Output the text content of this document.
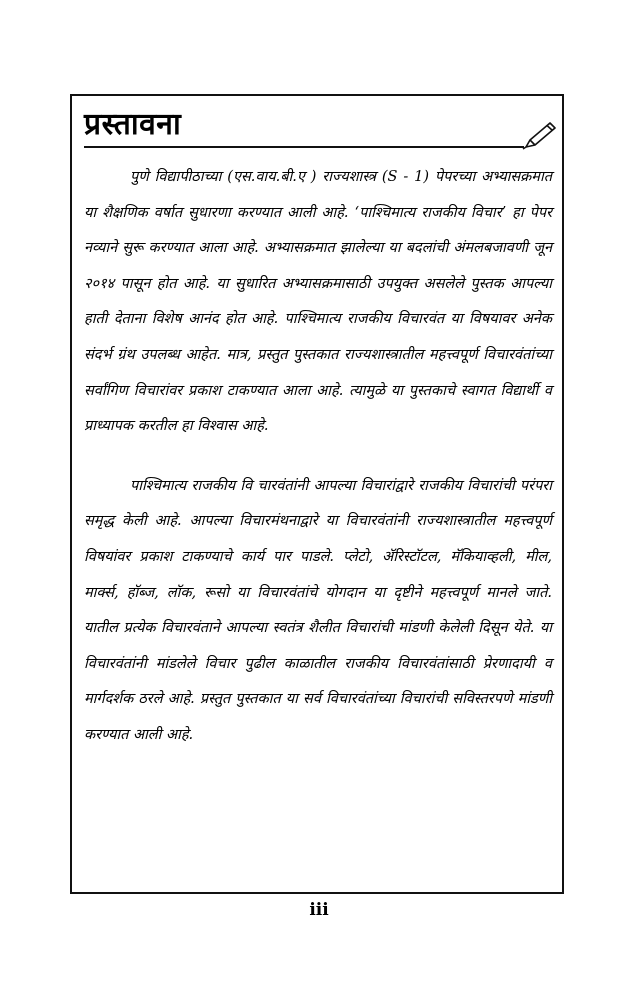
प्रस्तावना

पुणे विद्यापीठाच्या (एस.वाय.बी.ए ) राज्यशास्त्र (S - 1) पेपरच्या अभ्यासक्रमात या शैक्षणिक वर्षात सुधारणा करण्यात आली आहे. ‘पाश्चिमात्य राजकीय विचार’ हा पेपर नव्याने सुरू करण्यात आला आहे. अभ्यासक्रमात झालेल्या या बदलांची अंमलबजावणी जून २०१४ पासून होत आहे. या सुधारित अभ्यासक्रमासाठी उपयुक्त असलेले पुस्तक आपल्या हाती देताना विशेष आनंद होत आहे. पाश्चिमात्य राजकीय विचारवंत या विषयावर अनेक संदर्भ ग्रंथ उपलब्ध आहेत. मात्र, प्रस्तुत पुस्तकात राज्यशास्त्रातील महत्त्वपूर्ण विचारवंतांच्या सर्वांगिण विचारांवर प्रकाश टाकण्यात आला आहे. त्यामुळे या पुस्तकाचे स्वागत विद्यार्थी व प्राध्यापक करतील हा विश्वास आहे.

पाश्चिमात्य राजकीय वि चारवंतांनी आपल्या विचारांद्वारे राजकीय विचारांची परंपरा समृद्ध केली आहे. आपल्या विचारमंथनाद्वारे या विचारवंतांनी राज्यशास्त्रातील महत्त्वपूर्ण विषयांवर प्रकाश टाकण्याचे कार्य पार पाडले. प्लेटो, ॲरिस्टॉटल, मॅकियाव्हली, मील, मार्क्स, हॉब्ज, लॉक, रूसो या विचारवंतांचे योगदान या दृष्टीने महत्त्वपूर्ण मानले जाते. यातील प्रत्येक विचारवंताने आपल्या स्वतंत्र शैलीत विचारांची मांडणी केलेली दिसून येते. या विचारवंतांनी मांडलेले विचार पुढील काळातील राजकीय विचारवंतांसाठी प्रेरणादायी व मार्गदर्शक ठरले आहे. प्रस्तुत पुस्तकात या सर्व विचारवंतांच्या विचारांची सविस्तरपणे मांडणी करण्यात आली आहे.

iii
